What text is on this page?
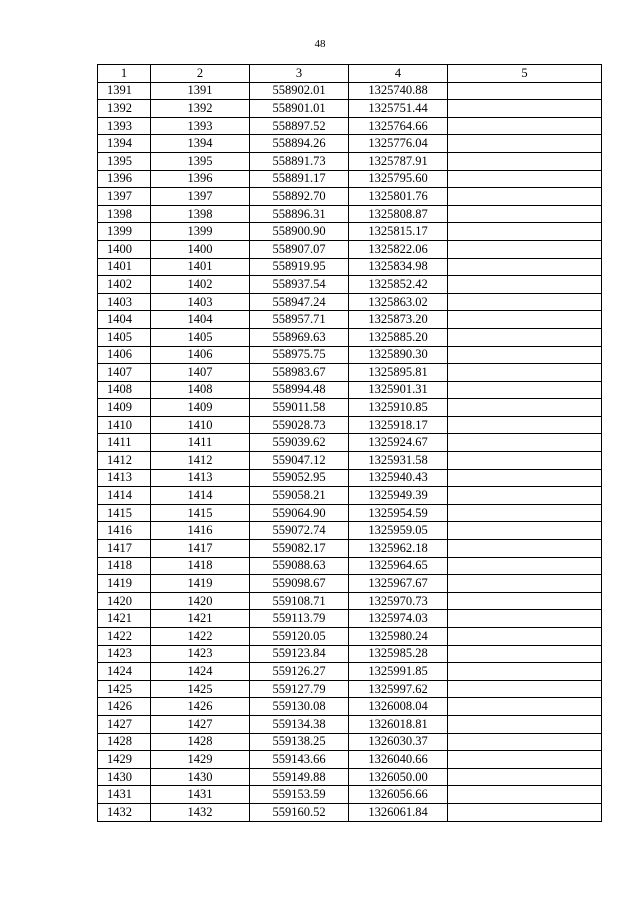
48
1	2	3	4	5
1391	1391	558902.01	1325740.88	
1392	1392	558901.01	1325751.44	
1393	1393	558897.52	1325764.66	
1394	1394	558894.26	1325776.04	
1395	1395	558891.73	1325787.91	
1396	1396	558891.17	1325795.60	
1397	1397	558892.70	1325801.76	
1398	1398	558896.31	1325808.87	
1399	1399	558900.90	1325815.17	
1400	1400	558907.07	1325822.06	
1401	1401	558919.95	1325834.98	
1402	1402	558937.54	1325852.42	
1403	1403	558947.24	1325863.02	
1404	1404	558957.71	1325873.20	
1405	1405	558969.63	1325885.20	
1406	1406	558975.75	1325890.30	
1407	1407	558983.67	1325895.81	
1408	1408	558994.48	1325901.31	
1409	1409	559011.58	1325910.85	
1410	1410	559028.73	1325918.17	
1411	1411	559039.62	1325924.67	
1412	1412	559047.12	1325931.58	
1413	1413	559052.95	1325940.43	
1414	1414	559058.21	1325949.39	
1415	1415	559064.90	1325954.59	
1416	1416	559072.74	1325959.05	
1417	1417	559082.17	1325962.18	
1418	1418	559088.63	1325964.65	
1419	1419	559098.67	1325967.67	
1420	1420	559108.71	1325970.73	
1421	1421	559113.79	1325974.03	
1422	1422	559120.05	1325980.24	
1423	1423	559123.84	1325985.28	
1424	1424	559126.27	1325991.85	
1425	1425	559127.79	1325997.62	
1426	1426	559130.08	1326008.04	
1427	1427	559134.38	1326018.81	
1428	1428	559138.25	1326030.37	
1429	1429	559143.66	1326040.66	
1430	1430	559149.88	1326050.00	
1431	1431	559153.59	1326056.66	
1432	1432	559160.52	1326061.84	
